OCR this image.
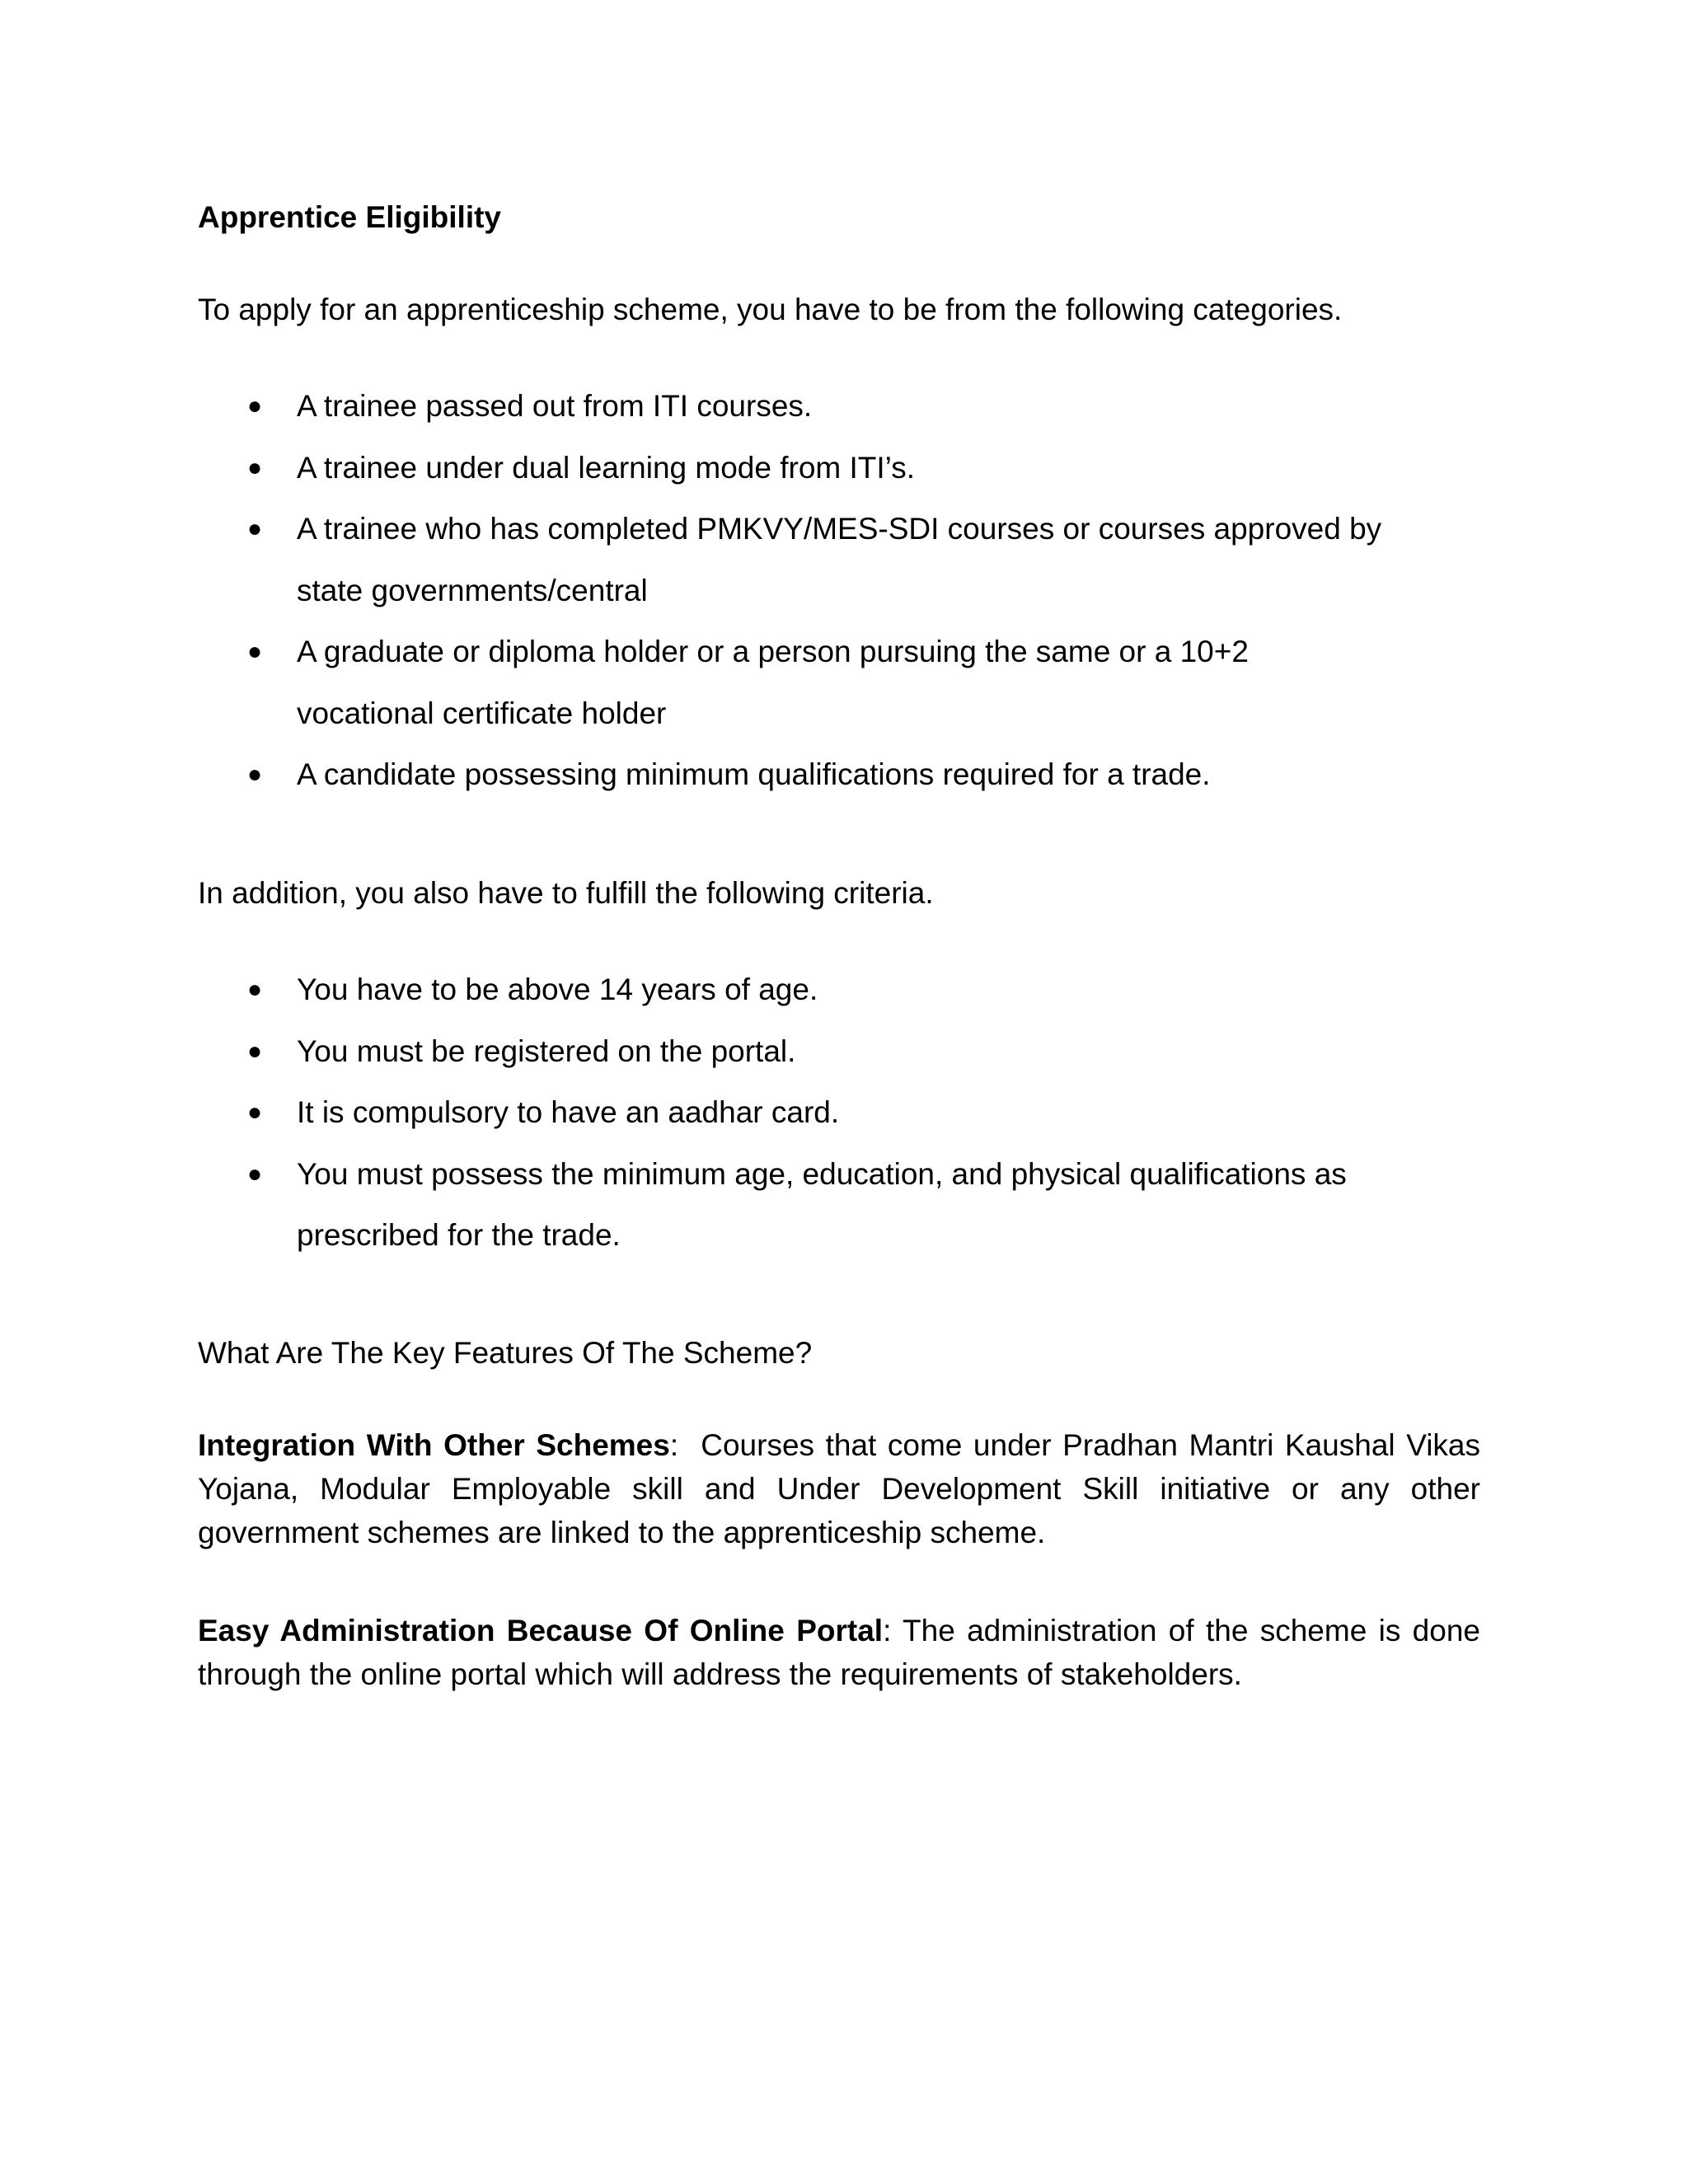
Apprentice Eligibility
To apply for an apprenticeship scheme, you have to be from the following categories.
● A trainee passed out from ITI courses.
● A trainee under dual learning mode from ITI’s.
● A trainee who has completed PMKVY/MES-SDI courses or courses approved by state governments/central
● A graduate or diploma holder or a person pursuing the same or a 10+2 vocational certificate holder
● A candidate possessing minimum qualifications required for a trade.
In addition, you also have to fulfill the following criteria.
● You have to be above 14 years of age.
● You must be registered on the portal.
● It is compulsory to have an aadhar card.
● You must possess the minimum age, education, and physical qualifications as prescribed for the trade.
What Are The Key Features Of The Scheme?
Integration With Other Schemes:  Courses that come under Pradhan Mantri Kaushal Vikas Yojana, Modular Employable skill and Under Development Skill initiative or any other government schemes are linked to the apprenticeship scheme.
Easy Administration Because Of Online Portal: The administration of the scheme is done through the online portal which will address the requirements of stakeholders.
